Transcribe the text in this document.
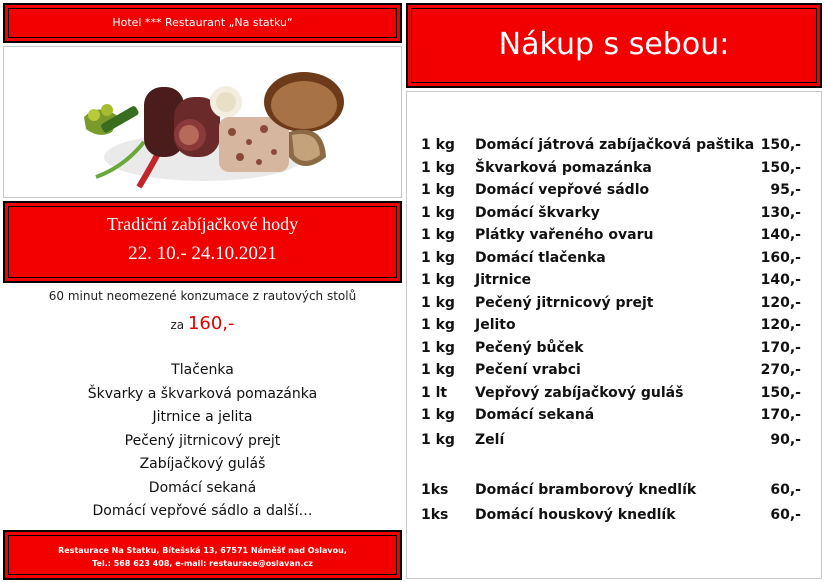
Hotel *** Restaurant „Na statku“
Tradiční zabíjačkové hody
22. 10.- 24.10.2021
60 minut neomezené konzumace z rautových stolů
za 160,-
Tlačenka
Škvarky a škvarková pomazánka
Jitrnice a jelita
Pečený jitrnicový prejt
Zabíjačkový guláš
Domácí sekaná
Domácí vepřové sádlo a další…
Restaurace Na Statku, Bítešská 13, 67571 Náměšť nad Oslavou,
Tel.: 568 623 408, e-mail: restaurace@oslavan.cz
Nákup s sebou:
1 kg Domácí játrová zabíjačková paštika 150,-
1 kg Škvarková pomazánka	150,-
1 kg Domácí vepřové sádlo	95,-
1 kg Domácí škvarky	130,-
1 kg Plátky vařeného ovaru	140,-
1 kg Domácí tlačenka	160,-
1 kg Jitrnice	140,-
1 kg Pečený jitrnicový prejt	120,-
1 kg Jelito	120,-
1 kg Pečený bůček	170,-
1 kg Pečení vrabci	270,-
1 lt Vepřový zabíjačkový guláš	150,-
1 kg Domácí sekaná	170,-
1 kg Zelí	90,-
1ks Domácí bramborový knedlík	60,-
1ks Domácí houskový knedlík	60,-
